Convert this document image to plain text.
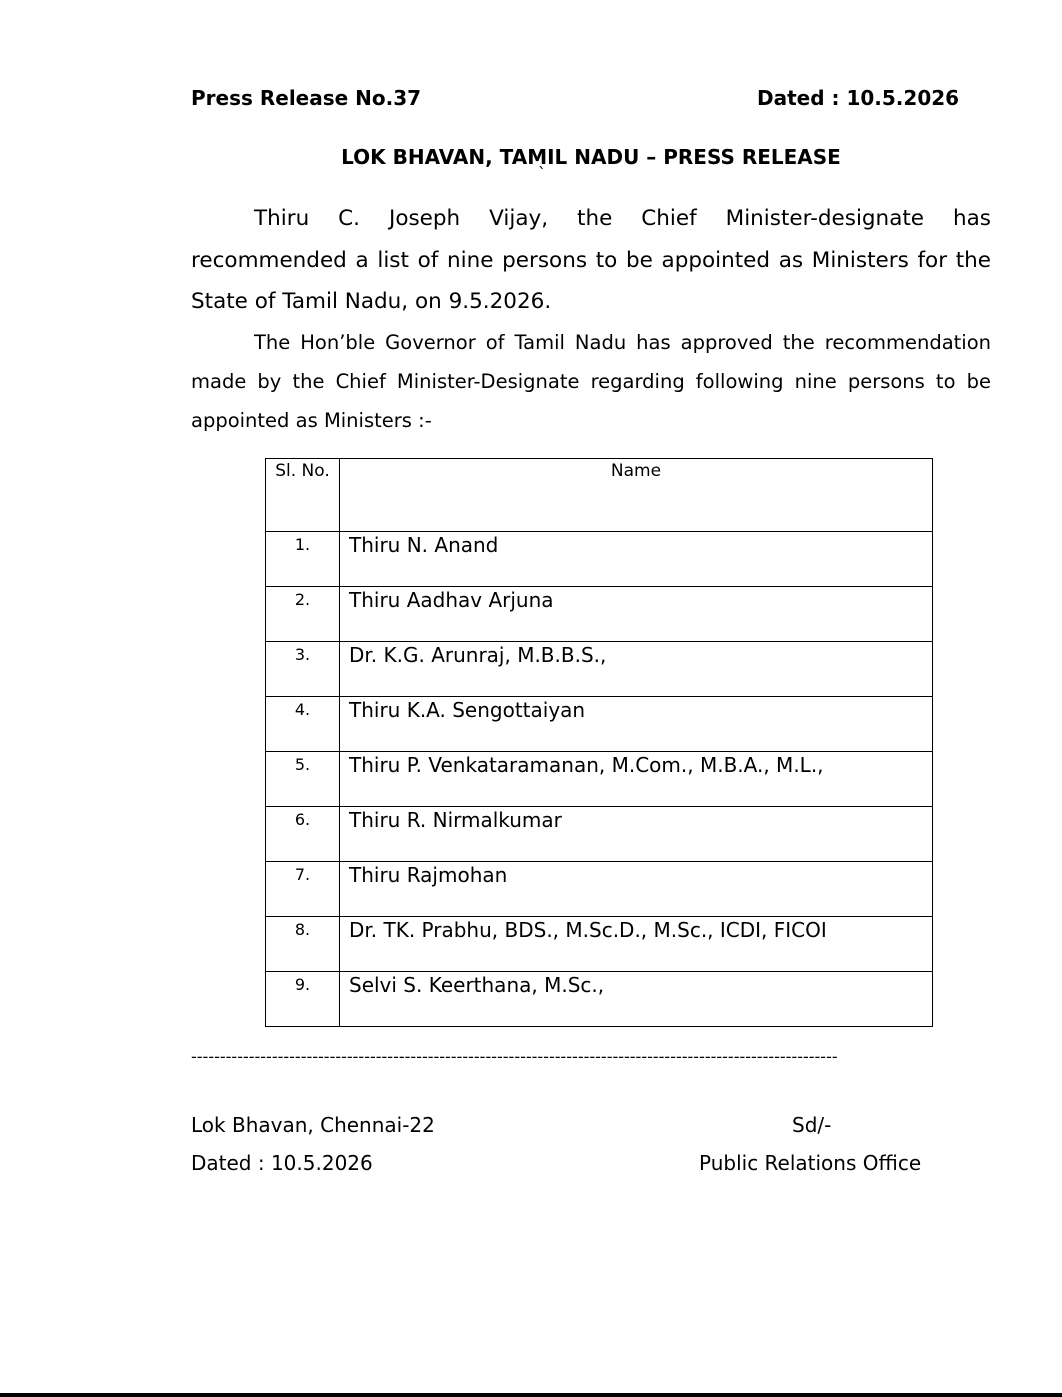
Press Release No.37	Dated : 10.5.2026
LOK BHAVAN, TAMIL NADU – PRESS RELEASE
`

Thiru C. Joseph Vijay, the Chief Minister-designate has recommended a list of nine persons to be appointed as Ministers for the State of Tamil Nadu, on 9.5.2026.

The Hon’ble Governor of Tamil Nadu has approved the recommendation made by the Chief Minister-Designate regarding following nine persons to be appointed as Ministers :-

Sl. No.	Name
1.	Thiru N. Anand
2.	Thiru Aadhav Arjuna
3.	Dr. K.G. Arunraj, M.B.B.S.,
4.	Thiru K.A. Sengottaiyan
5.	Thiru P. Venkataramanan, M.Com., M.B.A., M.L.,
6.	Thiru R. Nirmalkumar
7.	Thiru Rajmohan
8.	Dr. TK. Prabhu, BDS., M.Sc.D., M.Sc., ICDI, FICOI
9.	Selvi S. Keerthana, M.Sc.,
----------------------------------------------------------------------------------------------------------------
Lok Bhavan, Chennai-22
Dated : 10.5.2026
Sd/-
Public Relations Office
